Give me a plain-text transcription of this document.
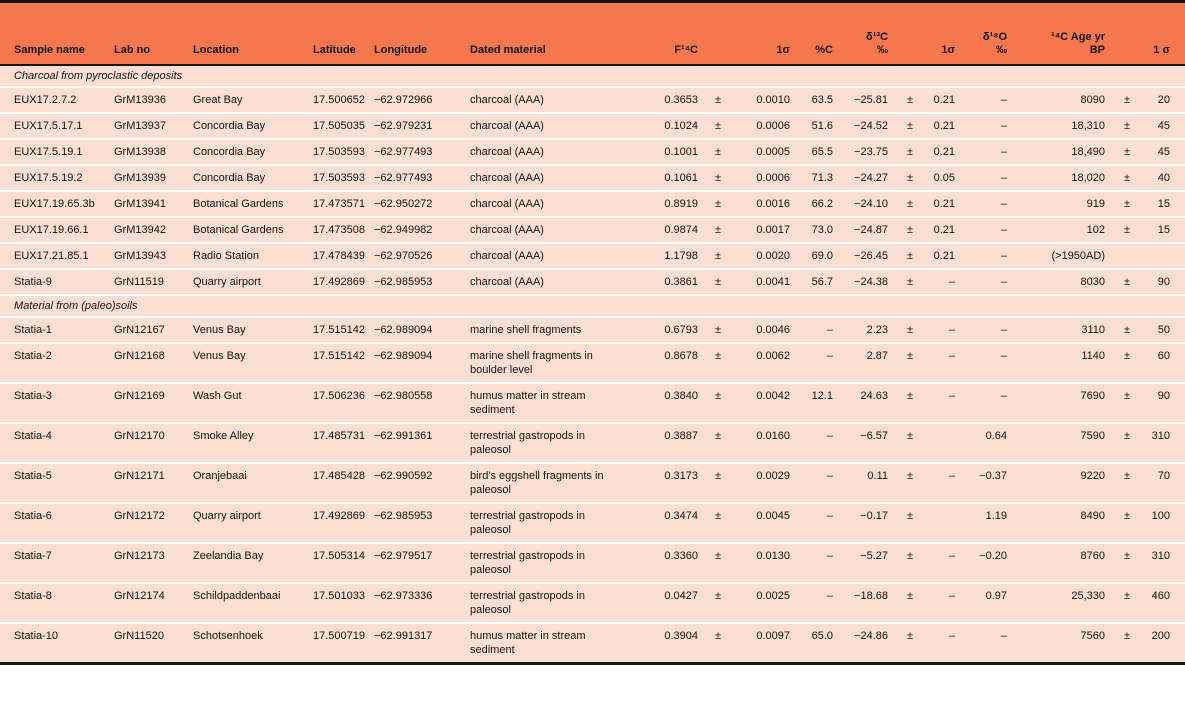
Sample name	Lab no	Location	Latitude	Longitude	Dated material	F¹⁴C		1σ	%C

δ¹³C
‰		1σ

δ¹⁸O
‰

¹⁴C Age yr
BP		1 σ

Charcoal from pyroclastic deposits																
EUX17.2.7.2	GrM13936	Great Bay	17.500652	−62.972966	charcoal (AAA)	0.3653	±	0.0010	63.5	−25.81	±	0.21	–	8090	±	20
EUX17.5.17.1	GrM13937	Concordia Bay	17.505035	−62.979231	charcoal (AAA)	0.1024	±	0.0006	51.6	−24.52	±	0.21	–	18,310	±	45
EUX17.5.19.1	GrM13938	Concordia Bay	17.503593	−62.977493	charcoal (AAA)	0.1001	±	0.0005	65.5	−23.75	±	0.21	–	18,490	±	45
EUX17.5.19.2	GrM13939	Concordia Bay	17.503593	−62.977493	charcoal (AAA)	0.1061	±	0.0006	71.3	−24.27	±	0.05	–	18,020	±	40
EUX17.19.65.3b	GrM13941	Botanical Gardens	17.473571	−62.950272	charcoal (AAA)	0.8919	±	0.0016	66.2	−24.10	±	0.21	–	919	±	15
EUX17.19.66.1	GrM13942	Botanical Gardens	17.473508	−62.949982	charcoal (AAA)	0.9874	±	0.0017	73.0	−24.87	±	0.21	–	102	±	15
EUX17.21.85.1	GrM13943	Radio Station	17.478439	−62.970526	charcoal (AAA)	1.1798	±	0.0020	69.0	−26.45	±	0.21	–	(>1950AD)		
Statia-9	GrN11519	Quarry airport	17.492869	−62.985953	charcoal (AAA)	0.3861	±	0.0041	56.7	−24.38	±	–	–	8030	±	90
Material from (paleo)soils																
Statia-1	GrN12167	Venus Bay	17.515142	−62.989094	marine shell fragments	0.6793	±	0.0046	–	2.23	±	–	–	3110	±	50
Statia-2	GrN12168	Venus Bay	17.515142	−62.989094	marine shell fragments in boulder level	0.8678	±	0.0062	–	2.87	±	–	–	1140	±	60
Statia-3	GrN12169	Wash Gut	17.506236	−62.980558	humus matter in stream sediment	0.3840	±	0.0042	12.1	24.63	±	–	–	7690	±	90
Statia-4	GrN12170	Smoke Alley	17.485731	−62.991361	terrestrial gastropods in paleosol	0.3887	±	0.0160	–	−6.57	±		0.64	7590	±	310
Statia-5	GrN12171	Oranjebaai	17.485428	−62.990592	bird's eggshell fragments in paleosol	0.3173	±	0.0029	–	0.11	±	–	−0.37	9220	±	70
Statia-6	GrN12172	Quarry airport	17.492869	−62.985953	terrestrial gastropods in paleosol	0.3474	±	0.0045	–	−0.17	±		1.19	8490	±	100
Statia-7	GrN12173	Zeelandia Bay	17.505314	−62.979517	terrestrial gastropods in paleosol	0.3360	±	0.0130	–	−5.27	±	–	−0.20	8760	±	310
Statia-8	GrN12174	Schildpaddenbaai	17.501033	−62.973336	terrestrial gastropods in paleosol	0.0427	±	0.0025	–	−18.68	±	–	0.97	25,330	±	460
Statia-10	GrN11520	Schotsenhoek	17.500719	−62.991317	humus matter in stream sediment	0.3904	±	0.0097	65.0	−24.86	±	–	–	7560	±	200
